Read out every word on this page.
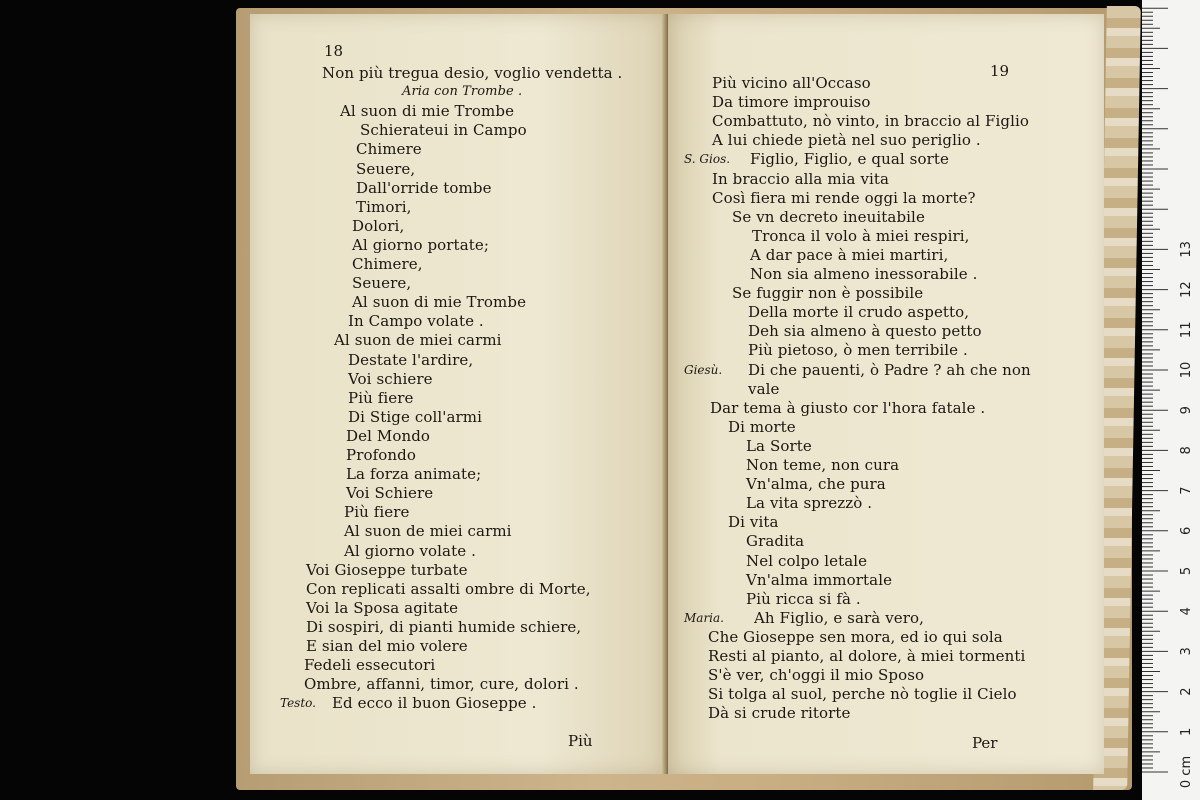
18
Più
Non più tregua desio, voglio vendetta .
Aria con Trombe .
Al suon di mie Trombe
Schierateui in Campo
Chimere
Seuere,
Dall'orride tombe
Timori,
Dolori,
Al giorno portate;
Chimere,
Seuere,
Al suon di mie Trombe
In Campo volate .
Al suon de miei carmi
Destate l'ardire,
Voi schiere
Più fiere
Di Stige coll'armi
Del Mondo
Profondo
La forza animate;
Voi Schiere
Più fiere
Al suon de miei carmi
Al giorno volate .
Voi Gioseppe turbate
Con replicati assalti ombre di Morte,
Voi la Sposa agitate
Di sospiri, di pianti humide schiere,
E sian del mio volere
Fedeli essecutori
Ombre, affanni, timor, cure, dolori .
Ed ecco il buon Gioseppe .
Testo.
19
Per
Più vicino all'Occaso
Da timore improuiso
Combattuto, nò vinto, in braccio al Figlio
A lui chiede pietà nel suo periglio .
Figlio, Figlio, e qual sorte
S. Gios.
In braccio alla mia vita
Così fiera mi rende oggi la morte?
Se vn decreto ineuitabile
Tronca il volo à miei respiri,
A dar pace à miei martiri,
Non sia almeno inessorabile .
Se fuggir non è possibile
Della morte il crudo aspetto,
Deh sia almeno à questo petto
Più pietoso, ò men terribile .
Di che pauenti, ò Padre ? ah che non
Giesù.
vale
Dar tema à giusto cor l'hora fatale .
Di morte
La Sorte
Non teme, non cura
Vn'alma, che pura
La vita sprezzò .
Di vita
Gradita
Nel colpo letale
Vn'alma immortale
Più ricca si fà .
Ah Figlio, e sarà vero,
Maria.
Che Gioseppe sen mora, ed io qui sola
Resti al pianto, al dolore, à miei tormenti
S'è ver, ch'oggi il mio Sposo
Si tolga al suol, perche nò toglie il Cielo
Dà si crude ritorte
0 cm
1
2
3
4
5
6
7
8
9
10
11
12
13
